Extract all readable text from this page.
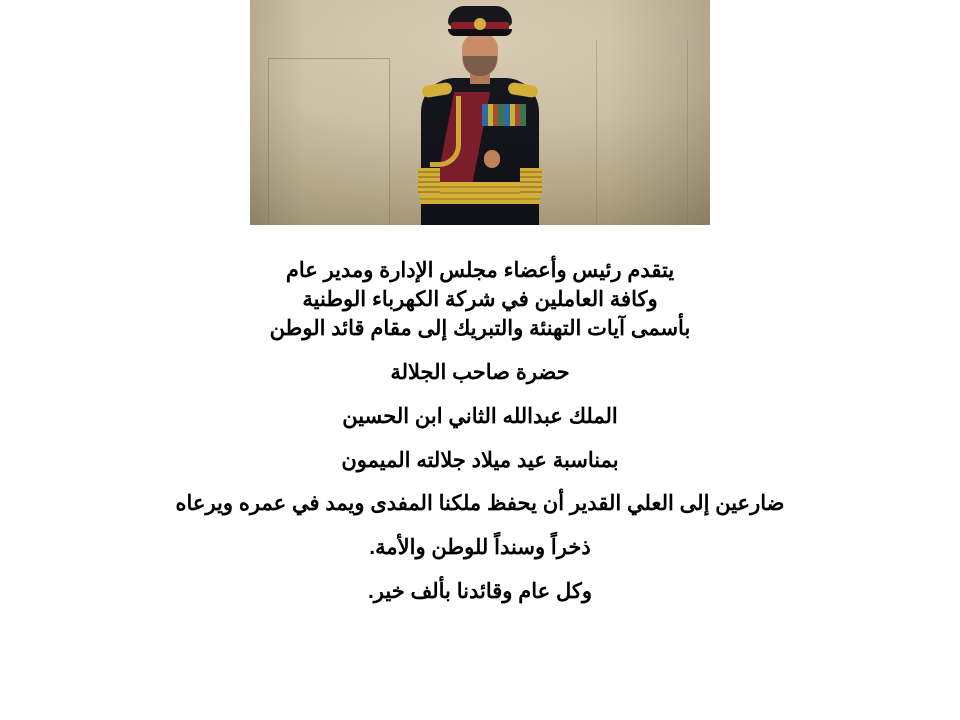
يتقدم رئيس وأعضاء مجلس الإدارة ومدير عام

وكافة العاملين في شركة الكهرباء الوطنية

بأسمى آيات التهنئة والتبريك إلى مقام قائد الوطن

حضرة صاحب الجلالة

الملك عبدالله الثاني ابن الحسين

بمناسبة عيد ميلاد جلالته الميمون

ضارعين إلى العلي القدير أن يحفظ ملكنا المفدى ويمد في عمره ويرعاه

ذخراً وسنداً للوطن والأمة.

وكل عام وقائدنا بألف خير.
